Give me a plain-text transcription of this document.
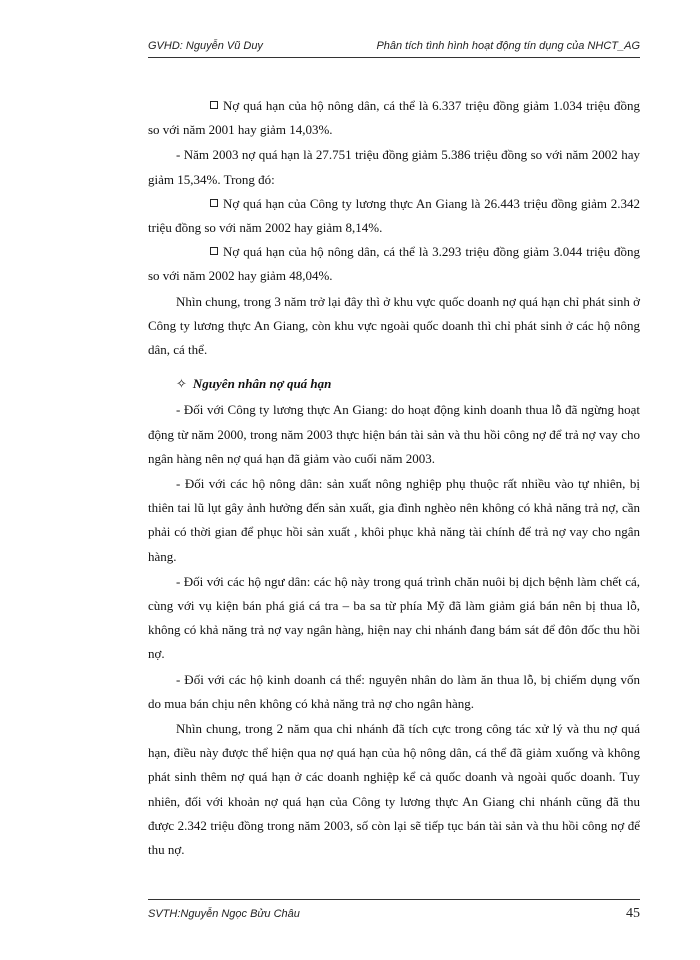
GVHD: Nguyễn Vũ Duy	Phân tích tình hình hoạt động tín dụng của NHCT_AG

Nợ quá hạn của hộ nông dân, cá thể là 6.337 triệu đồng giảm 1.034 triệu đồng so với năm 2001 hay giảm 14,03%.

- Năm 2003 nợ quá hạn là 27.751 triệu đồng giảm 5.386 triệu đồng so với năm 2002 hay giảm 15,34%. Trong đó:

Nợ quá hạn của Công ty lương thực An Giang là 26.443 triệu đồng giảm 2.342 triệu đồng so với năm 2002 hay giảm 8,14%.

Nợ quá hạn của hộ nông dân, cá thể là 3.293 triệu đồng giảm 3.044 triệu đồng so với năm 2002 hay giảm 48,04%.

Nhìn chung, trong 3 năm trở lại đây thì ở khu vực quốc doanh nợ quá hạn chỉ phát sinh ở Công ty lương thực An Giang, còn khu vực ngoài quốc doanh thì chỉ phát sinh ở các hộ nông dân, cá thể.

✧ Nguyên nhân nợ quá hạn

- Đối với Công ty lương thực An Giang: do hoạt động kinh doanh thua lỗ đã ngừng hoạt động từ năm 2000, trong năm 2003 thực hiện bán tài sản và thu hồi công nợ để trả nợ vay cho ngân hàng nên nợ quá hạn đã giảm vào cuối năm 2003.

- Đối với các hộ nông dân: sản xuất nông nghiệp phụ thuộc rất nhiều vào tự nhiên, bị thiên tai lũ lụt gây ảnh hưởng đến sản xuất, gia đình nghèo nên không có khả năng trả nợ, cần phải có thời gian để phục hồi sản xuất , khôi phục khả năng tài chính để trả nợ vay cho ngân hàng.

- Đối với các hộ ngư dân: các hộ này trong quá trình chăn nuôi bị dịch bệnh làm chết cá, cùng với vụ kiện bán phá giá cá tra – ba sa từ phía Mỹ đã làm giảm giá bán nên bị thua lỗ, không có khả năng trả nợ vay ngân hàng, hiện nay chi nhánh đang bám sát để đôn đốc thu hồi nợ.

- Đối với các hộ kinh doanh cá thể: nguyên nhân do làm ăn thua lỗ, bị chiếm dụng vốn do mua bán chịu nên không có khả năng trả nợ cho ngân hàng.

Nhìn chung, trong 2 năm qua chi nhánh đã tích cực trong công tác xử lý và thu nợ quá hạn, điều này được thể hiện qua nợ quá hạn của hộ nông dân, cá thể đã giảm xuống và không phát sinh thêm nợ quá hạn ở các doanh nghiệp kể cả quốc doanh và ngoài quốc doanh. Tuy nhiên, đối với khoản nợ quá hạn của Công ty lương thực An Giang chi nhánh cũng đã thu được 2.342 triệu đồng trong năm 2003, số còn lại sẽ tiếp tục bán tài sản và thu hồi công nợ để thu nợ.

SVTH:Nguyễn Ngọc Bửu Châu	45
